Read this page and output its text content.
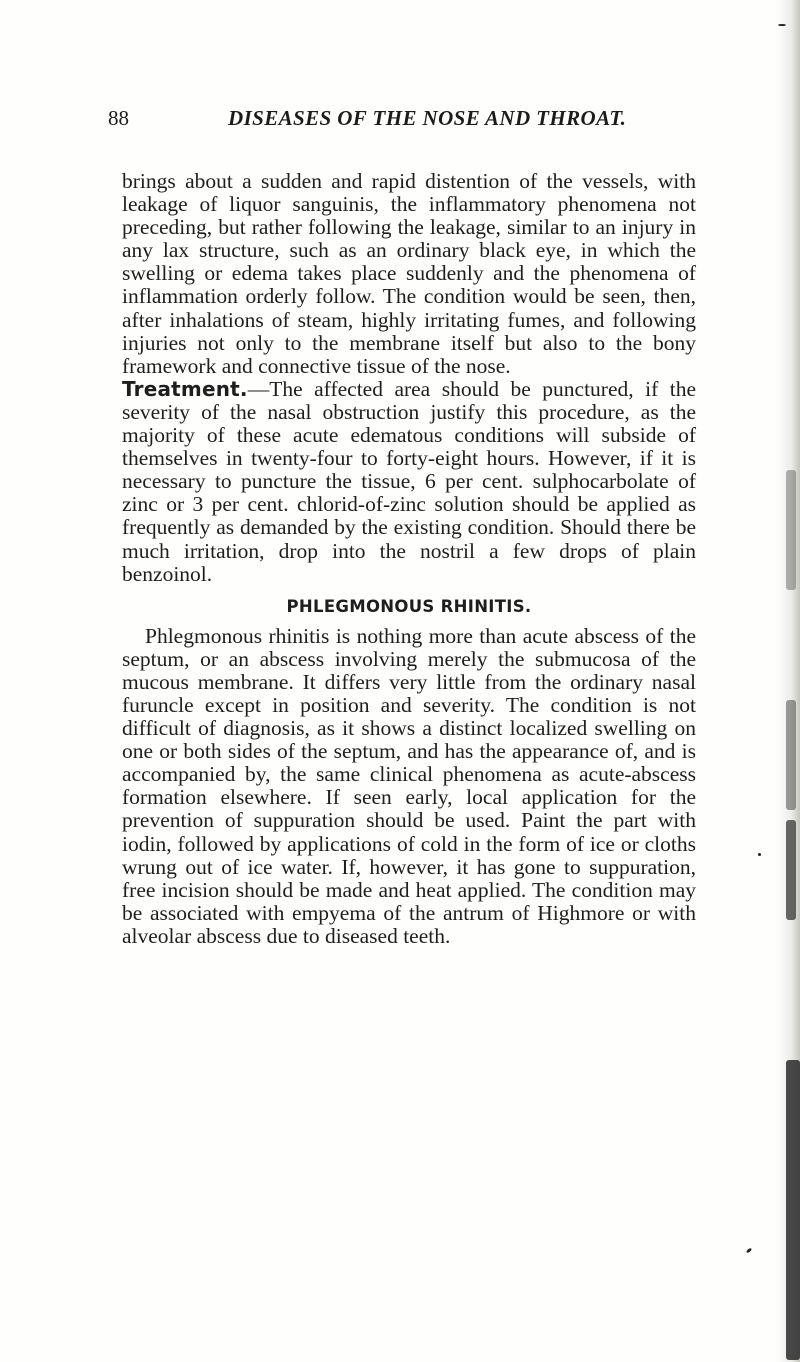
88	DISEASES OF THE NOSE AND THROAT.

brings about a sudden and rapid distention of the vessels, with leakage of liquor sanguinis, the inflammatory phenomena not preceding, but rather following the leakage, similar to an injury in any lax structure, such as an ordinary black eye, in which the swelling or edema takes place suddenly and the phenomena of inflammation orderly follow. The condition would be seen, then, after inhalations of steam, highly irritating fumes, and following injuries not only to the membrane itself but also to the bony framework and connective tissue of the nose.

Treatment.—The affected area should be punctured, if the severity of the nasal obstruction justify this procedure, as the majority of these acute edematous conditions will subside of themselves in twenty-four to forty-eight hours. However, if it is necessary to puncture the tissue, 6 per cent. sulphocarbolate of zinc or 3 per cent. chlorid-of-zinc solution should be applied as frequently as demanded by the existing condition. Should there be much irritation, drop into the nostril a few drops of plain benzoinol.

PHLEGMONOUS RHINITIS.

Phlegmonous rhinitis is nothing more than acute abscess of the septum, or an abscess involving merely the submucosa of the mucous membrane. It differs very little from the ordinary nasal furuncle except in position and severity. The condition is not difficult of diagnosis, as it shows a distinct localized swelling on one or both sides of the septum, and has the appearance of, and is accompanied by, the same clinical phenomena as acute-abscess formation elsewhere. If seen early, local application for the prevention of suppuration should be used. Paint the part with iodin, followed by applications of cold in the form of ice or cloths wrung out of ice water. If, however, it has gone to suppuration, free incision should be made and heat applied. The condition may be associated with empyema of the antrum of Highmore or with alveolar abscess due to diseased teeth.
